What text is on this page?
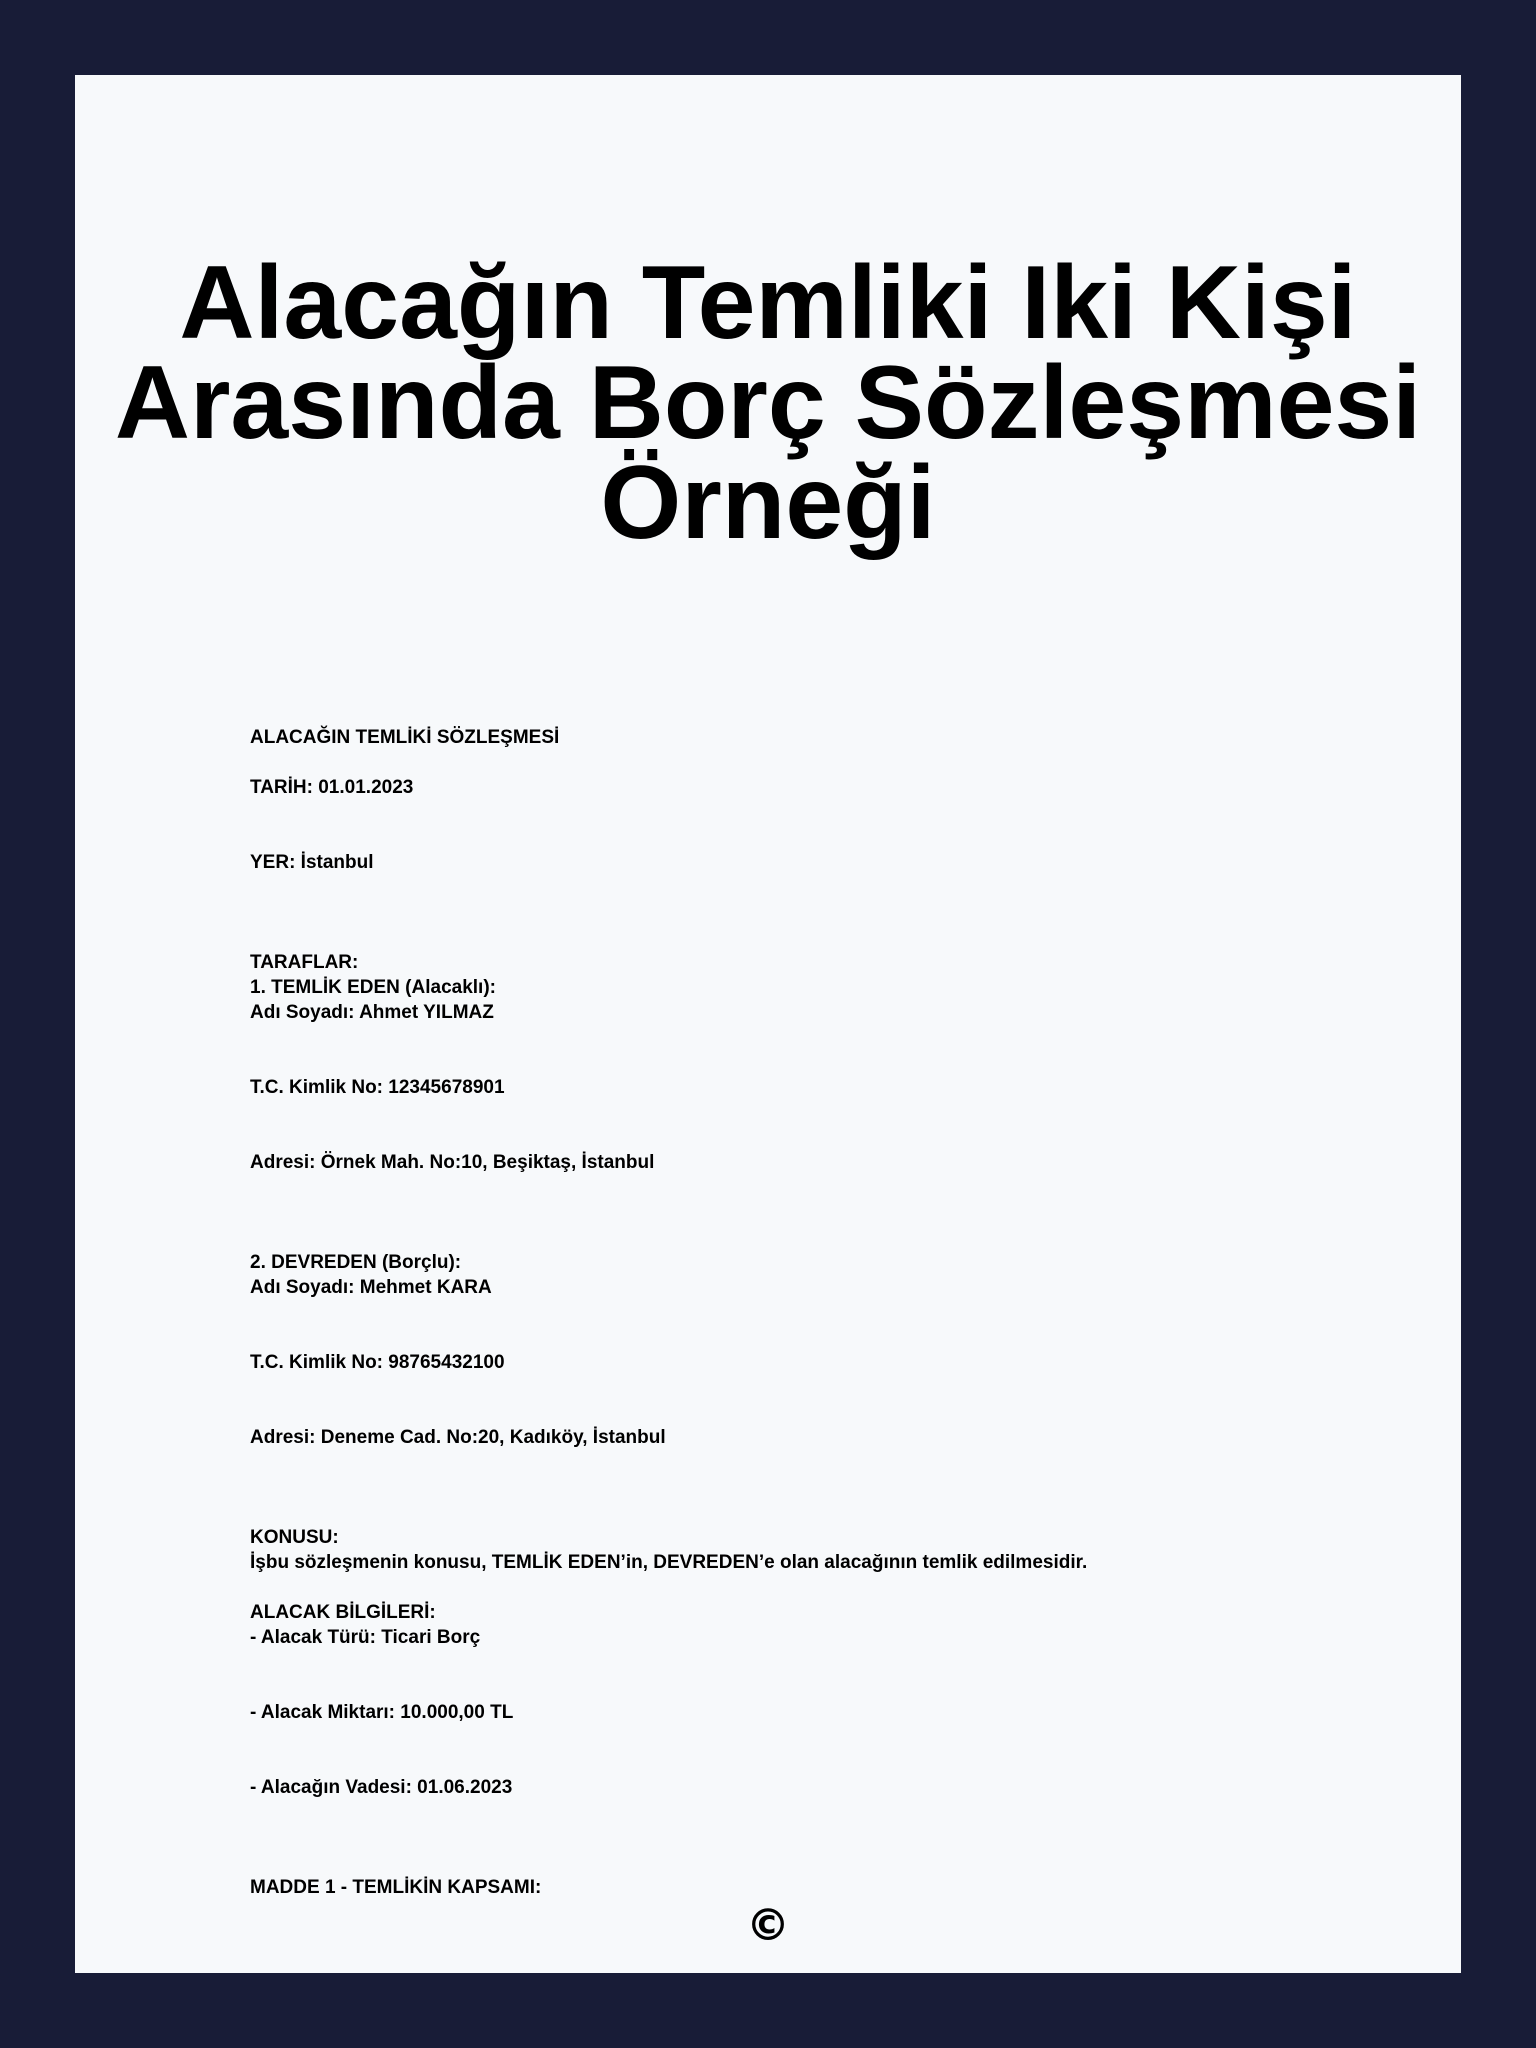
Alacağın Temliki Iki Kişi Arasında Borç Sözleşmesi Örneği
ALACAĞIN TEMLİKİ SÖZLEŞMESİ
TARİH: 01.01.2023
YER: İstanbul
TARAFLAR:
1. TEMLİK EDEN (Alacaklı):
Adı Soyadı: Ahmet YILMAZ
T.C. Kimlik No: 12345678901
Adresi: Örnek Mah. No:10, Beşiktaş, İstanbul
2. DEVREDEN (Borçlu):
Adı Soyadı: Mehmet KARA
T.C. Kimlik No: 98765432100
Adresi: Deneme Cad. No:20, Kadıköy, İstanbul
KONUSU:
İşbu sözleşmenin konusu, TEMLİK EDEN’in, DEVREDEN’e olan alacağının temlik edilmesidir.
ALACAK BİLGİLERİ:
- Alacak Türü: Ticari Borç
- Alacak Miktarı: 10.000,00 TL
- Alacağın Vadesi: 01.06.2023
MADDE 1 - TEMLİKİN KAPSAMI:
©
